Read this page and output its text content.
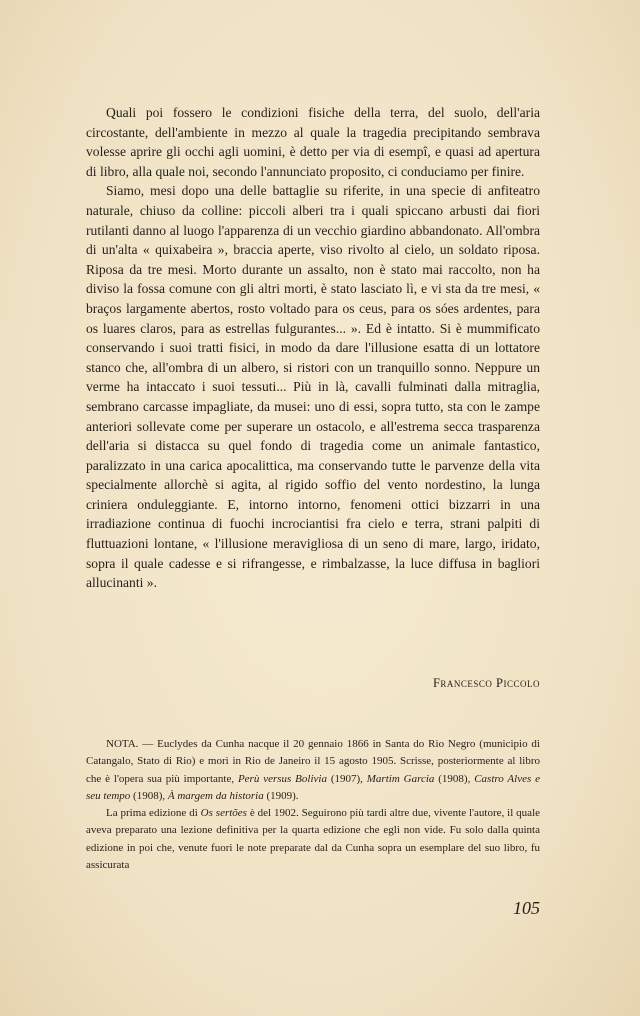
Quali poi fossero le condizioni fisiche della terra, del suolo, dell'aria circostante, dell'ambiente in mezzo al quale la tragedia precipitando sembrava volesse aprire gli occhi agli uomini, è detto per via di esempî, e quasi ad apertura di libro, alla quale noi, secondo l'annunciato proposito, ci conduciamo per finire.

Siamo, mesi dopo una delle battaglie su riferite, in una specie di anfiteatro naturale, chiuso da colline: piccoli alberi tra i quali spiccano arbusti dai fiori rutilanti danno al luogo l'apparenza di un vecchio giardino abbandonato. All'ombra di un'alta « quixabeira », braccia aperte, viso rivolto al cielo, un soldato riposa. Riposa da tre mesi. Morto durante un assalto, non è stato mai raccolto, non ha diviso la fossa comune con gli altri morti, è stato lasciato lì, e vi sta da tre mesi, « braços largamente abertos, rosto voltado para os ceus, para os sóes ardentes, para os luares claros, para as estrellas fulgurantes... ». Ed è intatto. Si è mummificato conservando i suoi tratti fisici, in modo da dare l'illusione esatta di un lottatore stanco che, all'ombra di un albero, si ristori con un tranquillo sonno. Neppure un verme ha intaccato i suoi tessuti... Più in là, cavalli fulminati dalla mitraglia, sembrano carcasse impagliate, da musei: uno di essi, sopra tutto, sta con le zampe anteriori sollevate come per superare un ostacolo, e all'estrema secca trasparenza dell'aria si distacca su quel fondo di tragedia come un animale fantastico, paralizzato in una carica apocalittica, ma conservando tutte le parvenze della vita specialmente allorchè si agita, al rigido soffio del vento nordestino, la lunga criniera onduleggiante. E, intorno intorno, fenomeni ottici bizzarri in una irradiazione continua di fuochi incrociantisi fra cielo e terra, strani palpiti di fluttuazioni lontane, « l'illusione meravigliosa di un seno di mare, largo, iridato, sopra il quale cadesse e si rifrangesse, e rimbalzasse, la luce diffusa in bagliori allucinanti ».

Francesco Piccolo

NOTA. — Euclydes da Cunha nacque il 20 gennaio 1866 in Santa do Rio Negro (municipio di Catangalo, Stato di Rio) e morì in Rio de Janeiro il 15 agosto 1905. Scrisse, posteriormente al libro che è l'opera sua più importante, Perù versus Bolivia (1907), Martim Garcia (1908), Castro Alves e seu tempo (1908), À margem da historia (1909).

La prima edizione di Os sertões è del 1902. Seguirono più tardi altre due, vivente l'autore, il quale aveva preparato una lezione definitiva per la quarta edizione che egli non vide. Fu solo dalla quinta edizione in poi che, venute fuori le note preparate dal da Cunha sopra un esemplare del suo libro, fu assicurata

105
